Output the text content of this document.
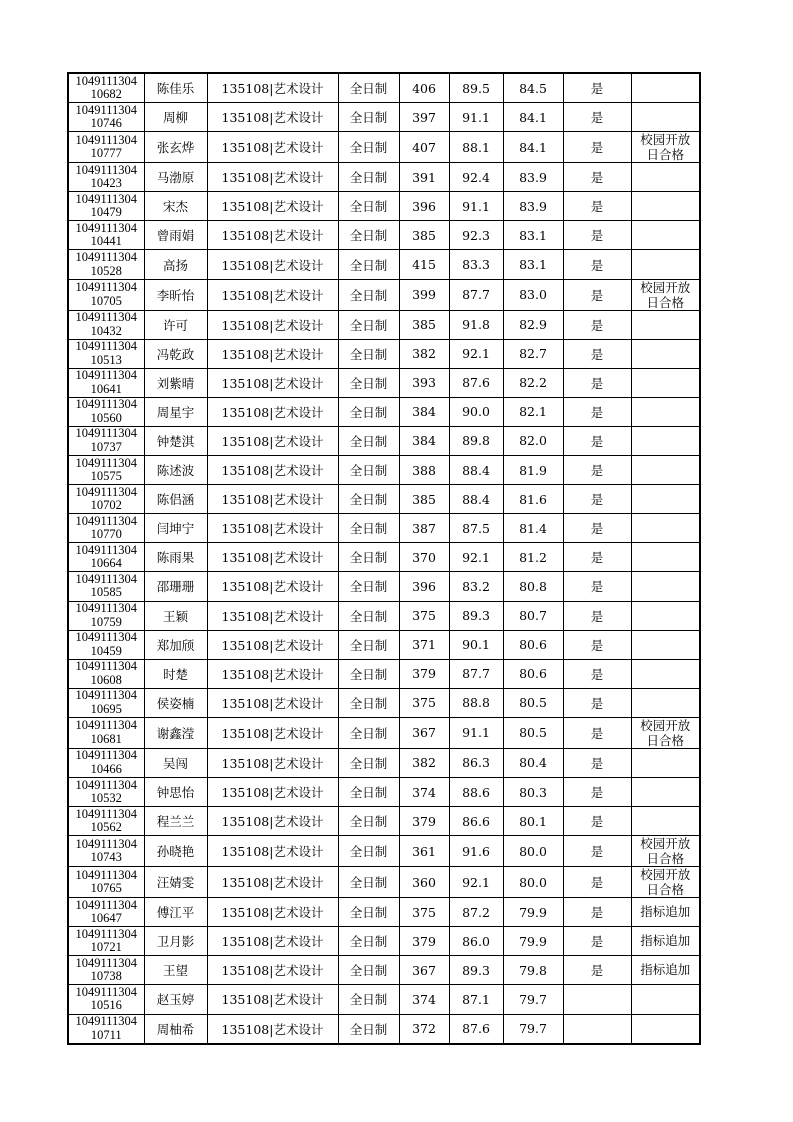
1049111304
10682	陈佳乐	135108|艺术设计	全日制	406	89.5	84.5	是	

1049111304
10746	周柳	135108|艺术设计	全日制	397	91.1	84.1	是	

1049111304
10777	张玄烨	135108|艺术设计	全日制	407	88.1	84.1	是	校园开放
日合格

1049111304
10423	马渤原	135108|艺术设计	全日制	391	92.4	83.9	是	

1049111304
10479	宋杰	135108|艺术设计	全日制	396	91.1	83.9	是	

1049111304
10441	曾雨娟	135108|艺术设计	全日制	385	92.3	83.1	是	

1049111304
10528	高扬	135108|艺术设计	全日制	415	83.3	83.1	是	

1049111304
10705	李昕怡	135108|艺术设计	全日制	399	87.7	83.0	是	校园开放
日合格

1049111304
10432	许可	135108|艺术设计	全日制	385	91.8	82.9	是	

1049111304
10513	冯乾政	135108|艺术设计	全日制	382	92.1	82.7	是	

1049111304
10641	刘紫晴	135108|艺术设计	全日制	393	87.6	82.2	是	

1049111304
10560	周星宇	135108|艺术设计	全日制	384	90.0	82.1	是	

1049111304
10737	钟楚淇	135108|艺术设计	全日制	384	89.8	82.0	是	

1049111304
10575	陈述波	135108|艺术设计	全日制	388	88.4	81.9	是	

1049111304
10702	陈侣涵	135108|艺术设计	全日制	385	88.4	81.6	是	

1049111304
10770	闫坤宁	135108|艺术设计	全日制	387	87.5	81.4	是	

1049111304
10664	陈雨果	135108|艺术设计	全日制	370	92.1	81.2	是	

1049111304
10585	邵珊珊	135108|艺术设计	全日制	396	83.2	80.8	是	

1049111304
10759	王颖	135108|艺术设计	全日制	375	89.3	80.7	是	

1049111304
10459	郑加颀	135108|艺术设计	全日制	371	90.1	80.6	是	

1049111304
10608	时楚	135108|艺术设计	全日制	379	87.7	80.6	是	

1049111304
10695	侯姿楠	135108|艺术设计	全日制	375	88.8	80.5	是	

1049111304
10681	谢鑫滢	135108|艺术设计	全日制	367	91.1	80.5	是	校园开放
日合格

1049111304
10466	吴闯	135108|艺术设计	全日制	382	86.3	80.4	是	

1049111304
10532	钟思怡	135108|艺术设计	全日制	374	88.6	80.3	是	

1049111304
10562	程兰兰	135108|艺术设计	全日制	379	86.6	80.1	是	

1049111304
10743	孙晓艳	135108|艺术设计	全日制	361	91.6	80.0	是	校园开放
日合格

1049111304
10765	汪婧雯	135108|艺术设计	全日制	360	92.1	80.0	是	校园开放
日合格

1049111304
10647	傅江平	135108|艺术设计	全日制	375	87.2	79.9	是	指标追加

1049111304
10721	卫月影	135108|艺术设计	全日制	379	86.0	79.9	是	指标追加

1049111304
10738	王望	135108|艺术设计	全日制	367	89.3	79.8	是	指标追加

1049111304
10516	赵玉婷	135108|艺术设计	全日制	374	87.1	79.7		

1049111304
10711	周柚希	135108|艺术设计	全日制	372	87.6	79.7		
